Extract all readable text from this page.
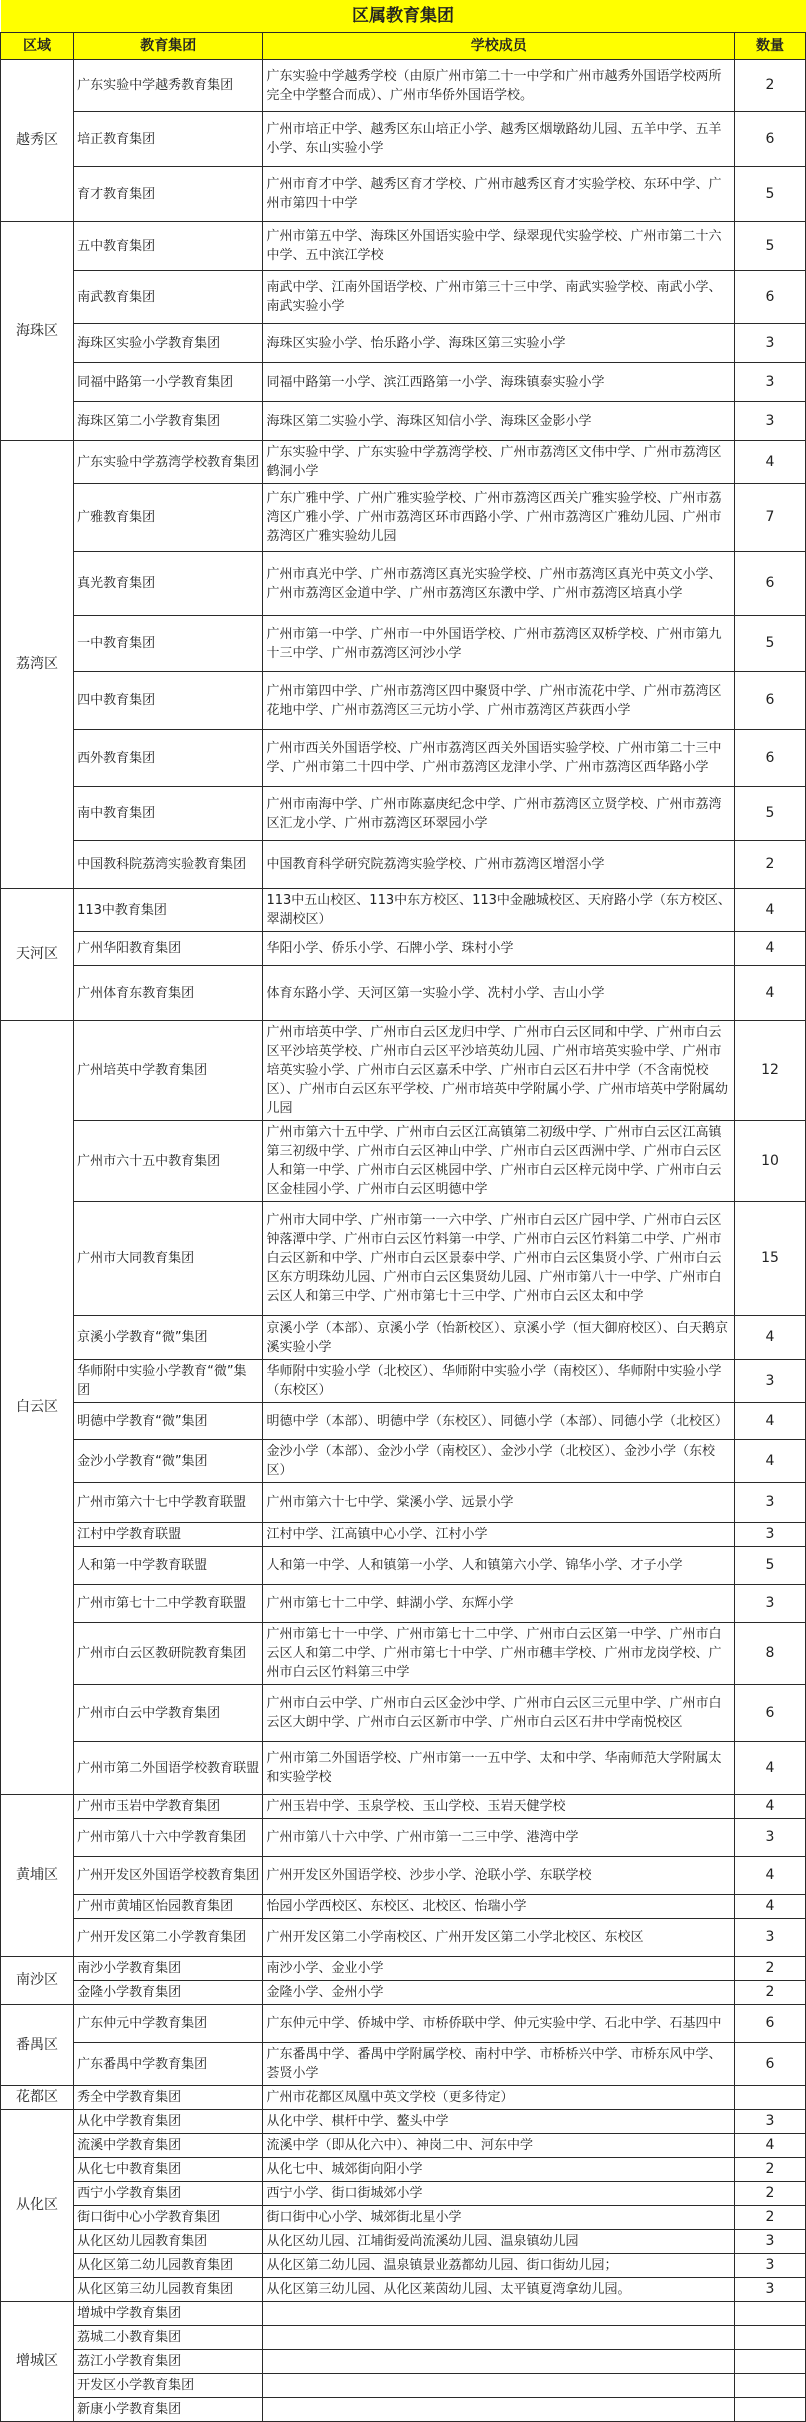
区属教育集团			
区域	教育集团	学校成员	数量
越秀区	广东实验中学越秀教育集团	广东实验中学越秀学校（由原广州市第二十一中学和广州市越秀外国语学校两所完全中学整合而成）、广州市华侨外国语学校。	2
	培正教育集团	广州市培正中学、越秀区东山培正小学、越秀区烟墩路幼儿园、五羊中学、五羊小学、东山实验小学	6
	育才教育集团	广州市育才中学、越秀区育才学校、广州市越秀区育才实验学校、东环中学、广州市第四十中学	5
海珠区	五中教育集团	广州市第五中学、海珠区外国语实验中学、绿翠现代实验学校、广州市第二十六中学、五中滨江学校	5
	南武教育集团	南武中学、江南外国语学校、广州市第三十三中学、南武实验学校、南武小学、南武实验小学	6
	海珠区实验小学教育集团	海珠区实验小学、怡乐路小学、海珠区第三实验小学	3
	同福中路第一小学教育集团	同福中路第一小学、滨江西路第一小学、海珠镇泰实验小学	3
	海珠区第二小学教育集团	海珠区第二实验小学、海珠区知信小学、海珠区金影小学	3
荔湾区	广东实验中学荔湾学校教育集团	广东实验中学、广东实验中学荔湾学校、广州市荔湾区文伟中学、广州市荔湾区鹤洞小学	4
	广雅教育集团	广东广雅中学、广州广雅实验学校、广州市荔湾区西关广雅实验学校、广州市荔湾区广雅小学、广州市荔湾区环市西路小学、广州市荔湾区广雅幼儿园、广州市荔湾区广雅实验幼儿园	7
	真光教育集团	广州市真光中学、广州市荔湾区真光实验学校、广州市荔湾区真光中英文小学、广州市荔湾区金道中学、广州市荔湾区东漖中学、广州市荔湾区培真小学	6
	一中教育集团	广州市第一中学、广州市一中外国语学校、广州市荔湾区双桥学校、广州市第九十三中学、广州市荔湾区河沙小学	5
	四中教育集团	广州市第四中学、广州市荔湾区四中聚贤中学、广州市流花中学、广州市荔湾区花地中学、广州市荔湾区三元坊小学、广州市荔湾区芦荻西小学	6
	西外教育集团	广州市西关外国语学校、广州市荔湾区西关外国语实验学校、广州市第二十三中学、广州市第二十四中学、广州市荔湾区龙津小学、广州市荔湾区西华路小学	6
	南中教育集团	广州市南海中学、广州市陈嘉庚纪念中学、广州市荔湾区立贤学校、广州市荔湾区汇龙小学、广州市荔湾区环翠园小学	5
	中国教科院荔湾实验教育集团	中国教育科学研究院荔湾实验学校、广州市荔湾区增滘小学	2
天河区	113中教育集团	113中五山校区、113中东方校区、113中金融城校区、天府路小学（东方校区、翠湖校区）	4
	广州华阳教育集团	华阳小学、侨乐小学、石牌小学、珠村小学	4
	广州体育东教育集团	体育东路小学、天河区第一实验小学、冼村小学、吉山小学	4
白云区	广州培英中学教育集团	广州市培英中学、广州市白云区龙归中学、广州市白云区同和中学、广州市白云区平沙培英学校、广州市白云区平沙培英幼儿园、广州市培英实验中学、广州市培英实验小学、广州市白云区嘉禾中学、广州市白云区石井中学（不含南悦校区）、广州市白云区东平学校、广州市培英中学附属小学、广州市培英中学附属幼儿园	12
	广州市六十五中教育集团	广州市第六十五中学、广州市白云区江高镇第二初级中学、广州市白云区江高镇第三初级中学、广州市白云区神山中学、广州市白云区西洲中学、广州市白云区人和第一中学、广州市白云区桃园中学、广州市白云区梓元岗中学、广州市白云区金桂园小学、广州市白云区明德中学	10
	广州市大同教育集团	广州市大同中学、广州市第一一六中学、广州市白云区广园中学、广州市白云区钟落潭中学、广州市白云区竹料第一中学、广州市白云区竹料第二中学、广州市白云区新和中学、广州市白云区景泰中学、广州市白云区集贤小学、广州市白云区东方明珠幼儿园、广州市白云区集贤幼儿园、广州市第八十一中学、广州市白云区人和第三中学、广州市第七十三中学、广州市白云区太和中学	15
	京溪小学教育“微”集团	京溪小学（本部）、京溪小学（怡新校区）、京溪小学（恒大御府校区）、白天鹅京溪实验小学	4
	华师附中实验小学教育“微”集团	华师附中实验小学（北校区）、华师附中实验小学（南校区）、华师附中实验小学（东校区）	3
	明德中学教育“微”集团	明德中学（本部）、明德中学（东校区）、同德小学（本部）、同德小学（北校区）	4
	金沙小学教育“微”集团	金沙小学（本部）、金沙小学（南校区）、金沙小学（北校区）、金沙小学（东校区）	4
	广州市第六十七中学教育联盟	广州市第六十七中学、棠溪小学、远景小学	3
	江村中学教育联盟	江村中学、江高镇中心小学、江村小学	3
	人和第一中学教育联盟	人和第一中学、人和镇第一小学、人和镇第六小学、锦华小学、才子小学	5
	广州市第七十二中学教育联盟	广州市第七十二中学、蚌湖小学、东辉小学	3
	广州市白云区教研院教育集团	广州市第七十一中学、广州市第七十二中学、广州市白云区第一中学、广州市白云区人和第二中学、广州市第七十中学、广州市穗丰学校、广州市龙岗学校、广州市白云区竹料第三中学	8
	广州市白云中学教育集团	广州市白云中学、广州市白云区金沙中学、广州市白云区三元里中学、广州市白云区大朗中学、广州市白云区新市中学、广州市白云区石井中学南悦校区	6
	广州市第二外国语学校教育联盟	广州市第二外国语学校、广州市第一一五中学、太和中学、华南师范大学附属太和实验学校	4
黄埔区	广州市玉岩中学教育集团	广州玉岩中学、玉泉学校、玉山学校、玉岩天健学校	4
	广州市第八十六中学教育集团	广州市第八十六中学、广州市第一二三中学、港湾中学	3
	广州开发区外国语学校教育集团	广州开发区外国语学校、沙步小学、沧联小学、东联学校	4
	广州市黄埔区怡园教育集团	怡园小学西校区、东校区、北校区、怡瑞小学	4
	广州开发区第二小学教育集团	广州开发区第二小学南校区、广州开发区第二小学北校区、东校区	3
南沙区	南沙小学教育集团	南沙小学、金业小学	2
	金隆小学教育集团	金隆小学、金州小学	2
番禺区	广东仲元中学教育集团	广东仲元中学、侨城中学、市桥侨联中学、仲元实验中学、石北中学、石基四中	6
	广东番禺中学教育集团	广东番禺中学、番禺中学附属学校、南村中学、市桥桥兴中学、市桥东风中学、荟贤小学	6
花都区	秀全中学教育集团	广州市花都区凤凰中英文学校（更多待定）	
从化区	从化中学教育集团	从化中学、棋杆中学、鳌头中学	3
	流溪中学教育集团	流溪中学（即从化六中）、神岗二中、河东中学	4
	从化七中教育集团	从化七中、城郊街向阳小学	2
	西宁小学教育集团	西宁小学、街口街城郊小学	2
	街口街中心小学教育集团	街口街中心小学、城郊街北星小学	2
	从化区幼儿园教育集团	从化区幼儿园、江埔街爱尚流溪幼儿园、温泉镇幼儿园	3
	从化区第二幼儿园教育集团	从化区第二幼儿园、温泉镇景业荔都幼儿园、街口街幼儿园；	3
	从化区第三幼儿园教育集团	从化区第三幼儿园、从化区莱茵幼儿园、太平镇夏湾拿幼儿园。	3
增城区	增城中学教育集团		
	荔城二小教育集团		
	荔江小学教育集团		
	开发区小学教育集团		
	新康小学教育集团		
